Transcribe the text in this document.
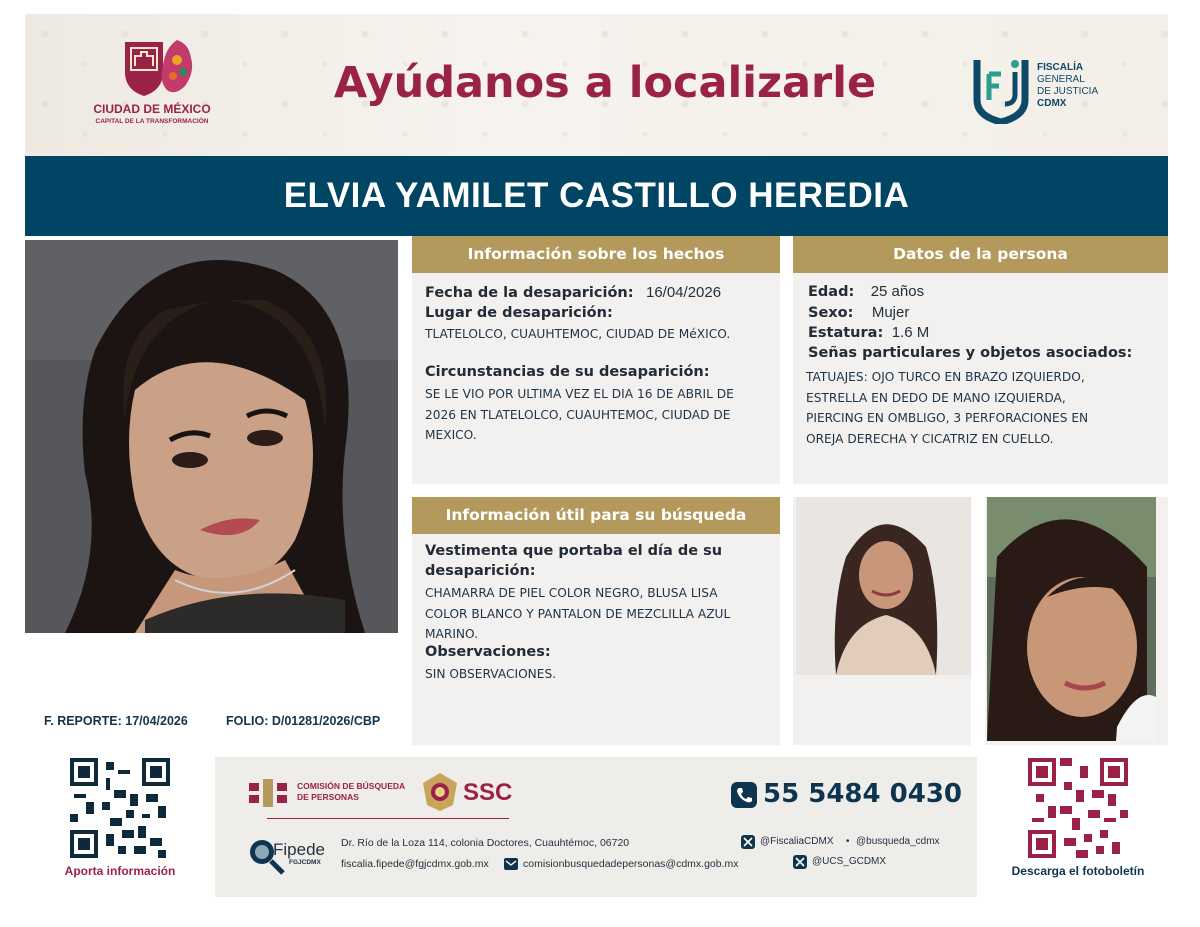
CIUDAD DE MÉXICO
CAPITAL DE LA TRANSFORMACIÓN
Ayúdanos a localizarle	FISCALÍA
GENERAL
DE JUSTICIA
CDMX
ELVIA YAMILET CASTILLO HEREDIA
F. REPORTE: 17/04/2026	FOLIO: D/01281/2026/CBP
Información sobre los hechos
Fecha de la desaparición: 16/04/2026
Lugar de desaparición:
TLATELOLCO, CUAUHTEMOC, CIUDAD DE MéXICO.
Circunstancias de su desaparición:
SE LE VIO POR ULTIMA VEZ EL DIA 16 DE ABRIL DE
2026 EN TLATELOLCO, CUAUHTEMOC, CIUDAD DE
MEXICO.
Datos de la persona
Edad: 25 años
Sexo: Mujer
Estatura: 1.6 M
Señas particulares y objetos asociados:
TATUAJES: OJO TURCO EN BRAZO IZQUIERDO,
ESTRELLA EN DEDO DE MANO IZQUIERDA,
PIERCING EN OMBLIGO, 3 PERFORACIONES EN
OREJA DERECHA Y CICATRIZ EN CUELLO.
Información útil para su búsqueda
Vestimenta que portaba el día de su
desaparición:
CHAMARRA DE PIEL COLOR NEGRO, BLUSA LISA
COLOR BLANCO Y PANTALON DE MEZCLILLA AZUL
MARINO.
Observaciones:
SIN OBSERVACIONES.
Aporta información
COMISIÓN DE BÚSQUEDA
DE PERSONAS	SSC	55 5484 0430
Fipede
FGJCDMX
Dr. Río de la Loza 114, colonia Doctores, Cuauhtémoc, 06720
fiscalia.fipede@fgjcdmx.gob.mx	comisionbusquedadepersonas@cdmx.gob.mx
@FiscaliaCDMX • @busqueda_cdmx
@UCS_GCDMX
Descarga el fotoboletín
